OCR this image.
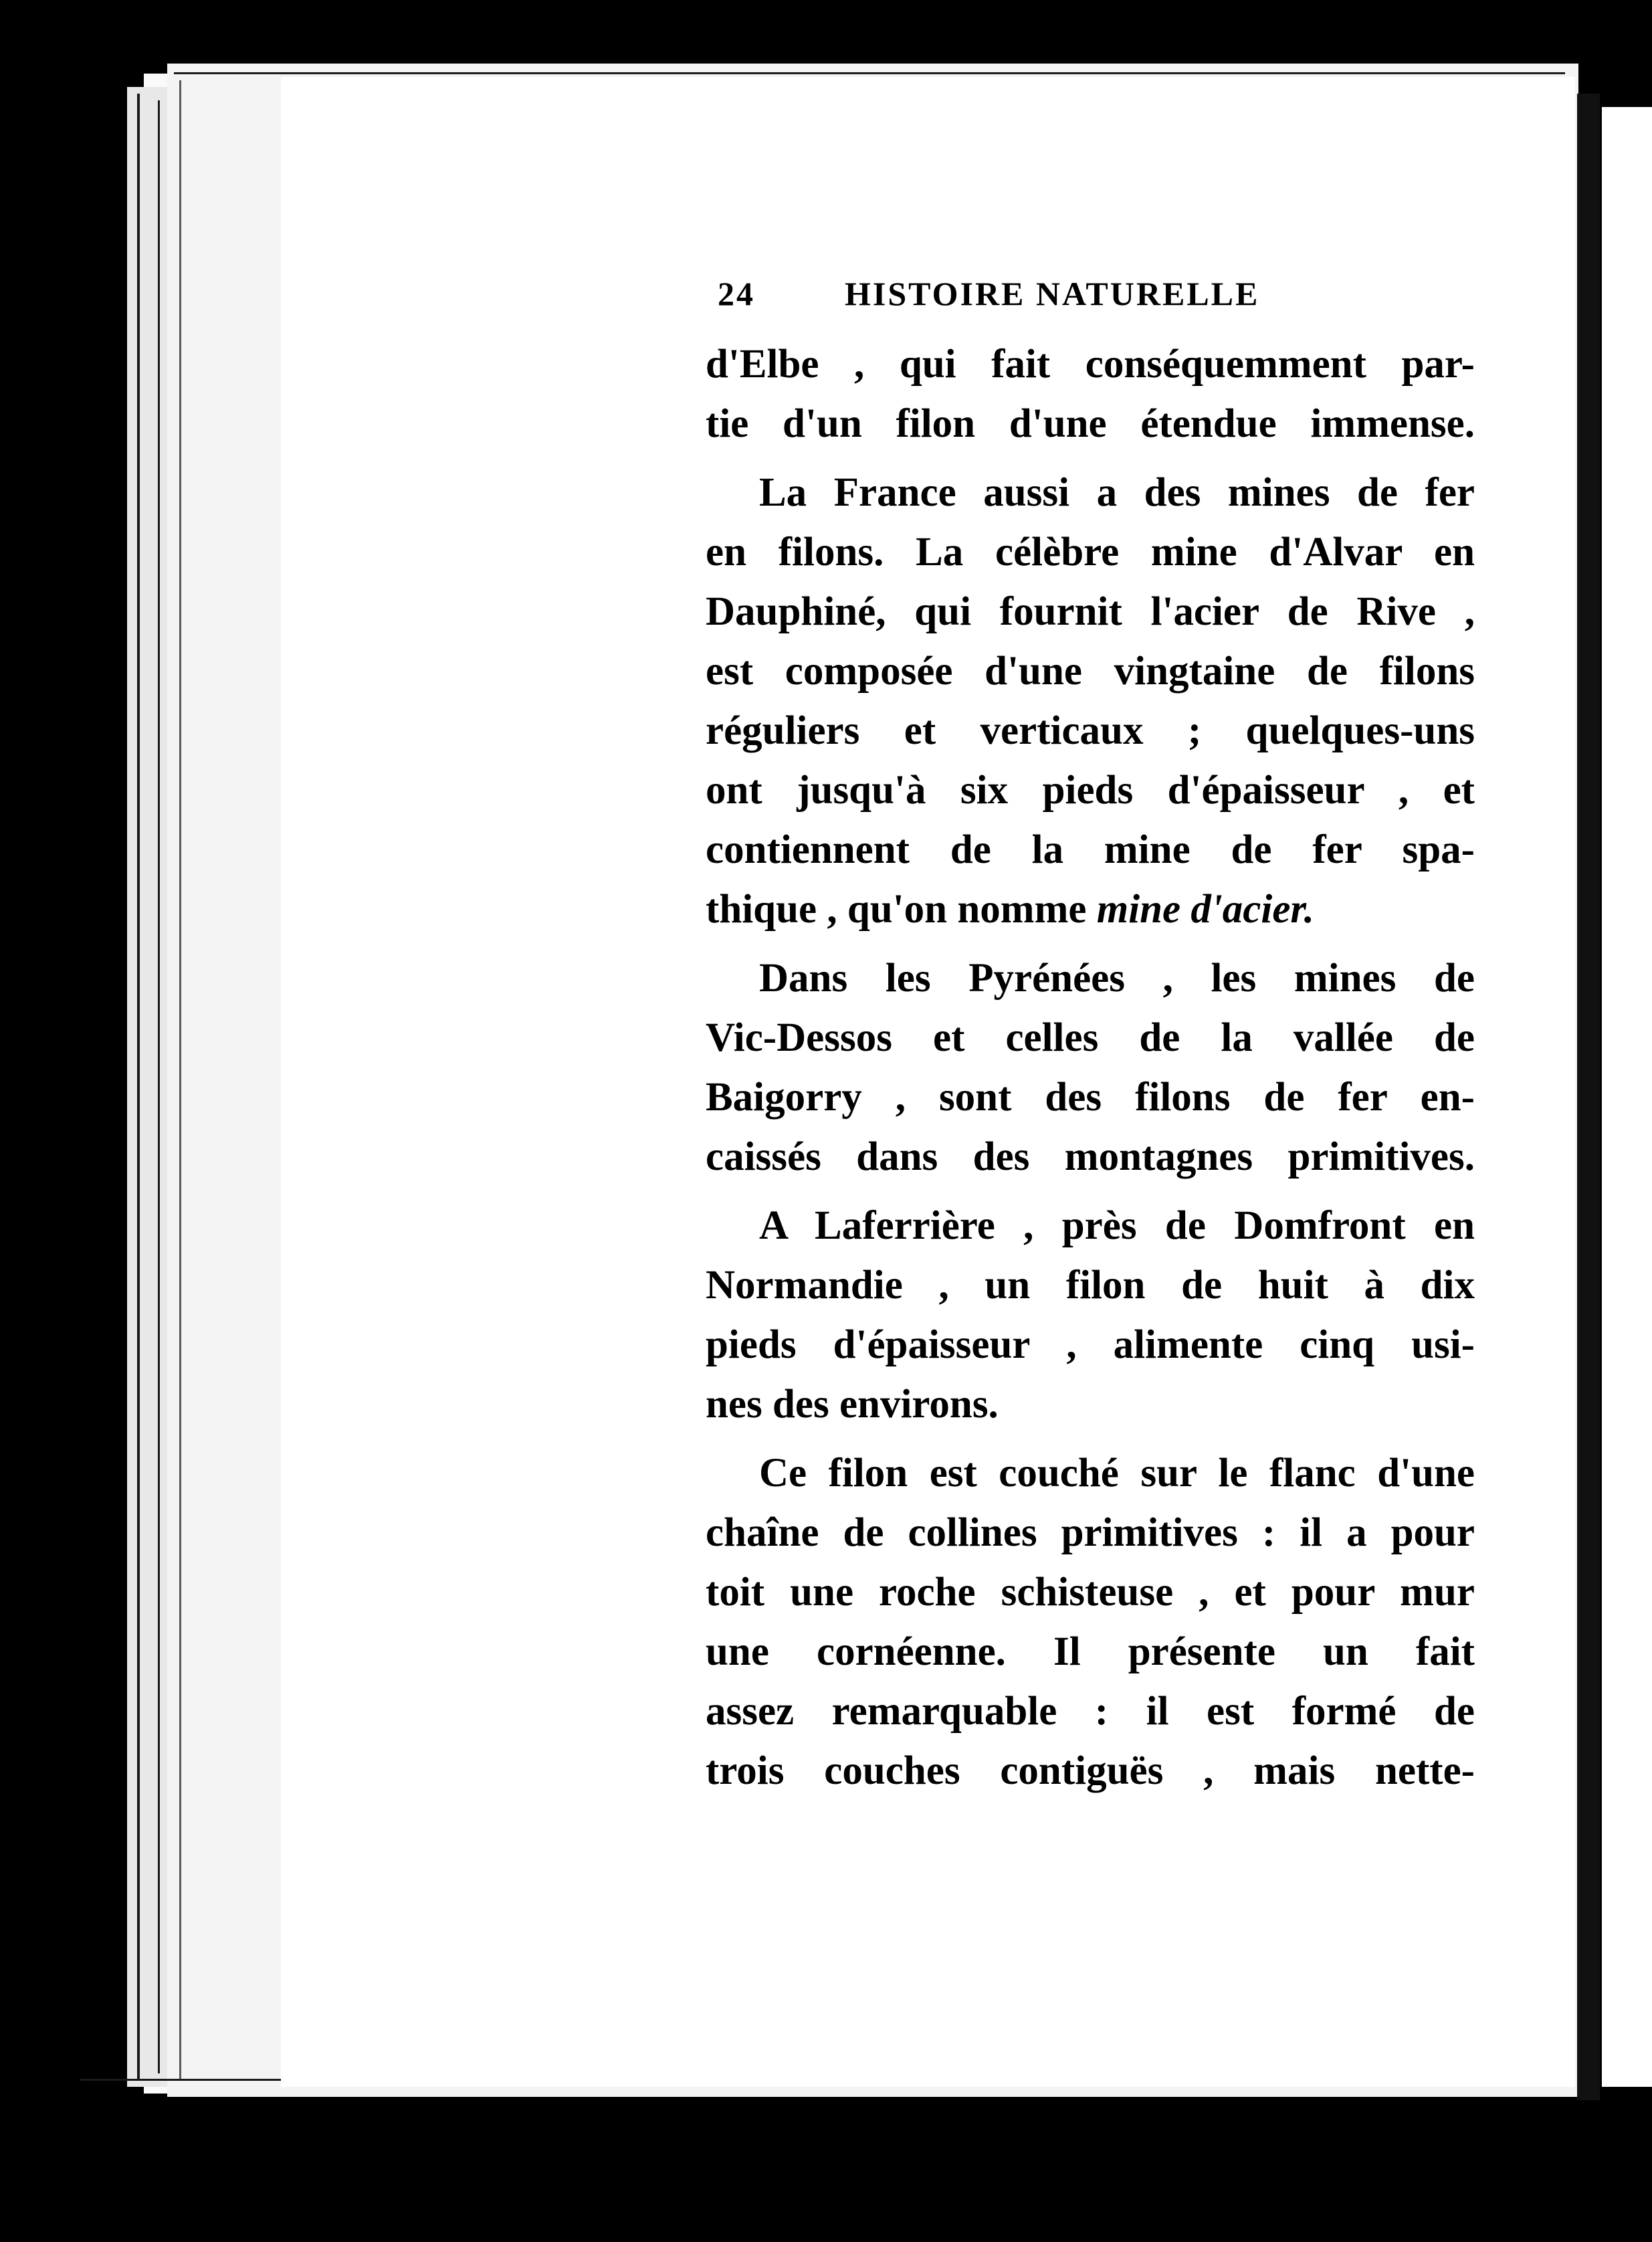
24	HISTOIRE NATURELLE
d'Elbe , qui fait conséquemment par-
tie d'un filon d'une étendue immense.
La France aussi a des mines de fer
en filons. La célèbre mine d'Alvar en
Dauphiné, qui fournit l'acier de Rive ,
est composée d'une vingtaine de filons
réguliers et verticaux ; quelques-uns
ont jusqu'à six pieds d'épaisseur , et
contiennent de la mine de fer spa-
thique , qu'on nomme mine d'acier.
Dans les Pyrénées , les mines de
Vic-Dessos et celles de la vallée de
Baigorry , sont des filons de fer en-
caissés dans des montagnes primitives.
A Laferrière , près de Domfront en
Normandie , un filon de huit à dix
pieds d'épaisseur , alimente cinq usi-
nes des environs.
Ce filon est couché sur le flanc d'une
chaîne de collines primitives : il a pour
toit une roche schisteuse , et pour mur
une cornéenne. Il présente un fait
assez remarquable : il est formé de
trois couches contiguës , mais nette-
